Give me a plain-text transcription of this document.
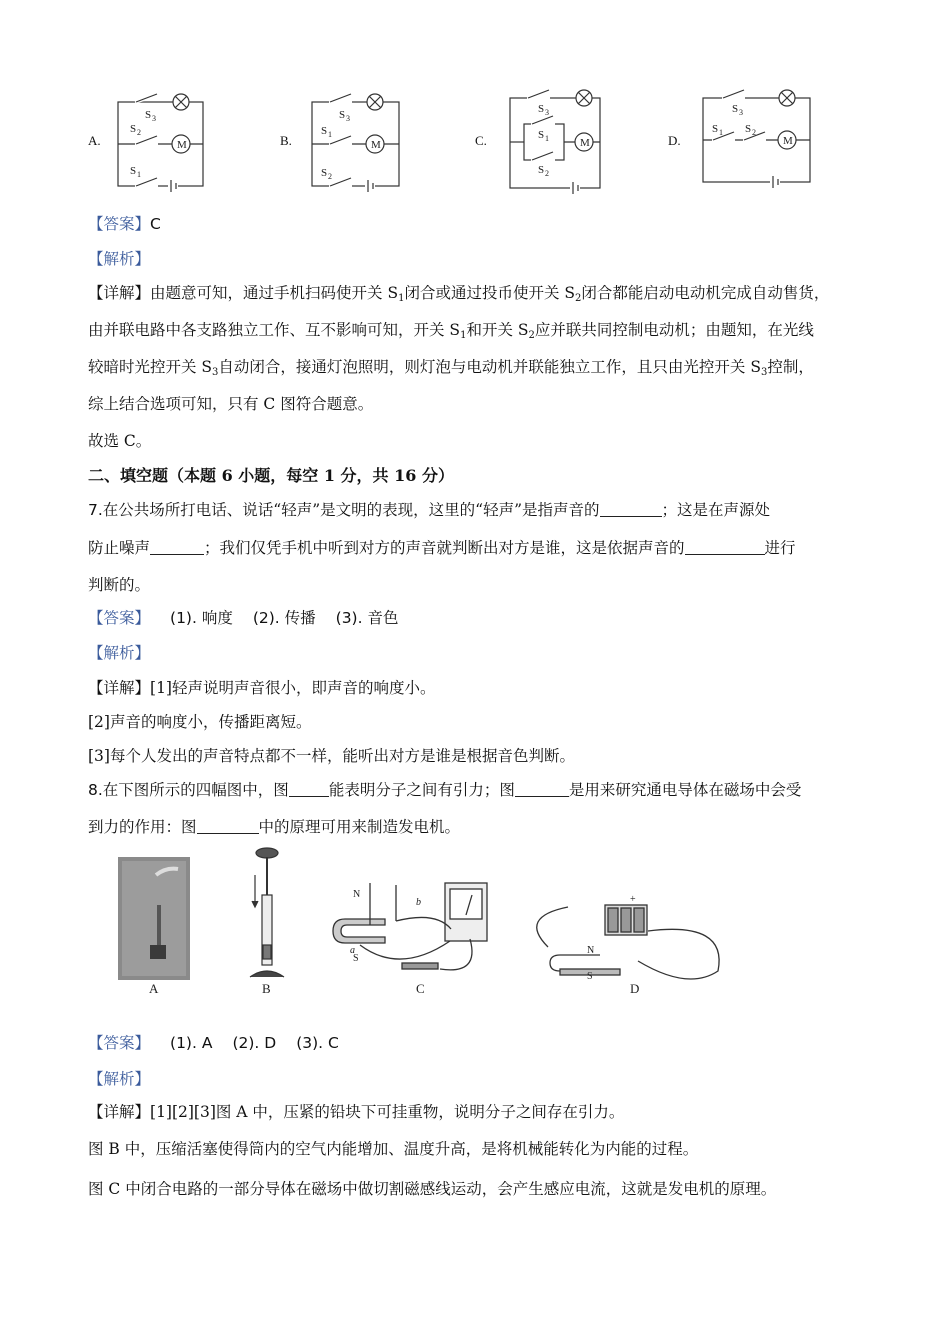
A.	B.	C.	D.
M	M	M	M
S 3
S 2
S 1
S 3
S 1
S 2
S 3
S 1
S 2
S 3
S 1 S 2
【答案】C
【解析】
【详解】由题意可知，通过手机扫码使开关 $S_1$闭合或通过投币使开关 $S_2$闭合都能启动电动机完成自动售货，
由并联电路中各支路独立工作、互不影响可知，开关 $S_1$和开关 $S_2$应并联共同控制电动机；由题知，在光线
较暗时光控开关 $S_3$自动闭合，接通灯泡照明，则灯泡与电动机并联能独立工作，且只由光控开关 $S_3$控制，
综上结合选项可知，只有 C 图符合题意。
故选 C。
二、填空题（本题 6 小题，每空 1 分，共 16 分）
7.在公共场所打电话、说话“轻声”是文明的表现，这里的“轻声”是指声音的	；这是在声源处
防止噪声	；我们仅凭手机中听到对方的声音就判断出对方是谁，这是依据声音的	进行
判断的。
【答案】 (1). 响度 (2). 传播 (3). 音色
【解析】
【详解】[1]轻声说明声音很小，即声音的响度小。
[2]声音的响度小，传播距离短。
[3]每个人发出的声音特点都不一样，能听出对方是谁是根据音色判断。
8.在下图所示的四幅图中，图	能表明分子之间有引力；图	是用来研究通电导体在磁场中会受
到力的作用：图	中的原理可用来制造发电机。
A	B
N
S
b
a
C
N
S
+
D
【答案】 (1). A (2). D (3). C
【解析】
【详解】[1][2][3]图 A 中，压紧的铅块下可挂重物，说明分子之间存在引力。
图 B 中，压缩活塞使得筒内的空气内能增加、温度升高，是将机械能转化为内能的过程。
图 C 中闭合电路的一部分导体在磁场中做切割磁感线运动，会产生感应电流，这就是发电机的原理。
